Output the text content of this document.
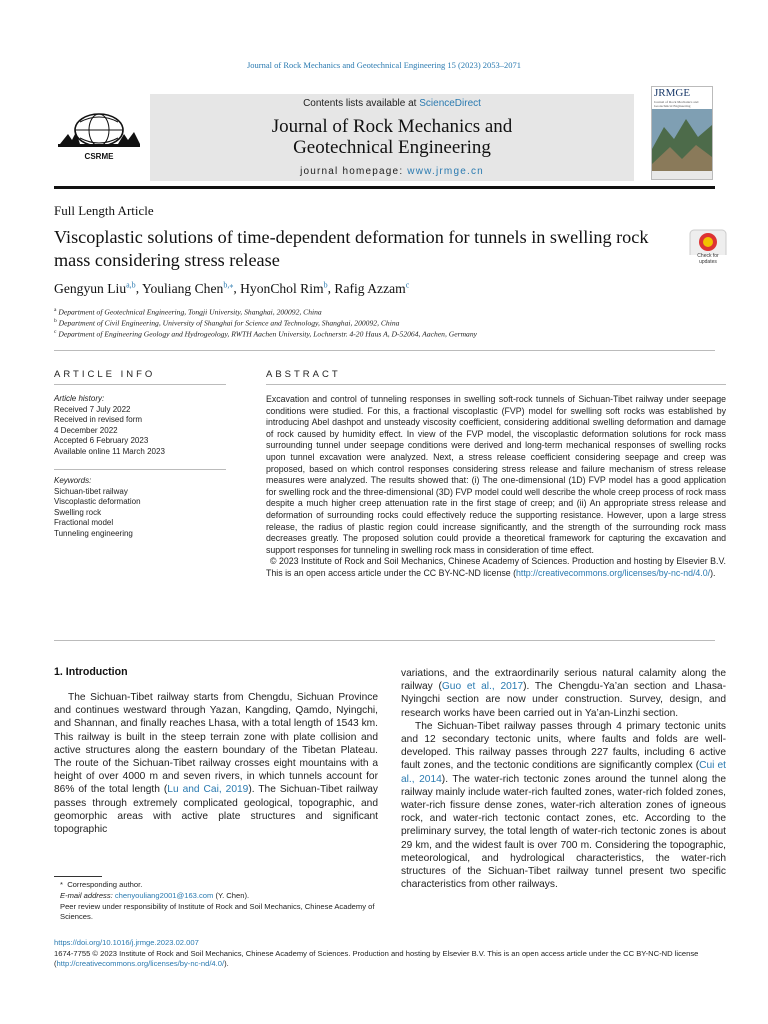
Journal of Rock Mechanics and Geotechnical Engineering 15 (2023) 2053–2071
CSRME
Contents lists available at ScienceDirect
Journal of Rock Mechanics and
Geotechnical Engineering
journal homepage: www.jrmge.cn
JRMGE
Journal of Rock Mechanics and Geotechnical Engineering
Full Length Article
Viscoplastic solutions of time-dependent deformation for tunnels in swelling rock mass considering stress release	Check for
updates
Gengyun Liu$^{a,b}$, Youliang Chen$^{b,⁎}$, HyonChol Rim$^b$, Rafig Azzam$^c$
$^a$ Department of Geotechnical Engineering, Tongji University, Shanghai, 200092, China
$^b$ Department of Civil Engineering, University of Shanghai for Science and Technology, Shanghai, 200092, China
$^c$ Department of Engineering Geology and Hydrogeology, RWTH Aachen University, Lochnerstr. 4-20 Haus A, D-52064, Aachen, Germany
ARTICLE INFO
Article history:
Received 7 July 2022
Received in revised form
4 December 2022
Accepted 6 February 2023
Available online 11 March 2023
Keywords:
Sichuan-tibet railway
Viscoplastic deformation
Swelling rock
Fractional model
Tunneling engineering
ABSTRACT
Excavation and control of tunneling responses in swelling soft-rock tunnels of Sichuan-Tibet railway under seepage conditions were studied. For this, a fractional viscoplastic (FVP) model for swelling soft rocks was established by introducing Abel dashpot and unsteady viscosity coefficient, considering additional swelling deformation and damage of rock caused by humidity effect. In view of the FVP model, the viscoplastic deformation solutions for rock mass surrounding tunnel under seepage conditions were derived and long-term mechanical responses of swelling rocks upon tunnel excavation were analyzed. Next, a stress release coefficient considering seepage and creep was proposed, based on which control responses considering stress release and failure mechanism of stress release measures were analyzed. The results showed that: (i) The one-dimensional (1D) FVP model has a good application for swelling rock and the three-dimensional (3D) FVP model could well describe the whole creep process of rock mass despite a much higher creep attenuation rate in the first stage of creep; and (ii) An appropriate stress release and deformation of surrounding rocks could effectively reduce the supporting resistance. However, upon a large stress release, the radius of plastic region could increase significantly, and the strength of the surrounding rock mass decreases greatly. The proposed solution could provide a theoretical framework for capturing the excavation and support responses for tunneling in swelling rock mass in consideration of time effect.
© 2023 Institute of Rock and Soil Mechanics, Chinese Academy of Sciences. Production and hosting by Elsevier B.V. This is an open access article under the CC BY-NC-ND license (http://creativecommons.org/licenses/by-nc-nd/4.0/).
1. Introduction
The Sichuan-Tibet railway starts from Chengdu, Sichuan Province and continues westward through Yazan, Kangding, Qamdo, Nyingchi, and Shannan, and finally reaches Lhasa, with a total length of 1543 km. This railway is built in the steep terrain zone with plate collision and active structures along the eastern boundary of the Tibetan Plateau. The route of the Sichuan-Tibet railway crosses eight mountains with a height of over 4000 m and seven rivers, in which tunnels account for 86% of the total length (Lu and Cai, 2019). The Sichuan-Tibet railway passes through extremely complicated geological, topographic, and geomorphic areas with active plate structures and significant topographic
variations, and the extraordinarily serious natural calamity along the railway (Guo et al., 2017). The Chengdu-Ya’an section and Lhasa-Nyingchi section are now under construction. Survey, design, and research works have been carried out in Ya’an-Linzhi section.
The Sichuan-Tibet railway passes through 4 primary tectonic units and 12 secondary tectonic units, where faults and folds are well-developed. This railway passes through 227 faults, including 6 active fault zones, and the tectonic conditions are significantly complex (Cui et al., 2014). The water-rich tectonic zones around the tunnel along the railway mainly include water-rich faulted zones, water-rich folded zones, water-rich fissure dense zones, water-rich alteration zones of igneous rock, and water-rich tectonic contact zones, etc. According to the preliminary survey, the total length of water-rich tectonic zones is about 29 km, and the widest fault is over 700 m. Considering the topographic, meteorological, and hydrological characteristics, the water-rich structures of the Sichuan-Tibet railway tunnel present two specific characteristics from other railways.
* Corresponding author.
E-mail address: chenyouliang2001@163.com (Y. Chen).
Peer review under responsibility of Institute of Rock and Soil Mechanics, Chinese Academy of Sciences.
https://doi.org/10.1016/j.jrmge.2023.02.007
1674-7755 © 2023 Institute of Rock and Soil Mechanics, Chinese Academy of Sciences. Production and hosting by Elsevier B.V. This is an open access article under the CC BY-NC-ND license (http://creativecommons.org/licenses/by-nc-nd/4.0/).
